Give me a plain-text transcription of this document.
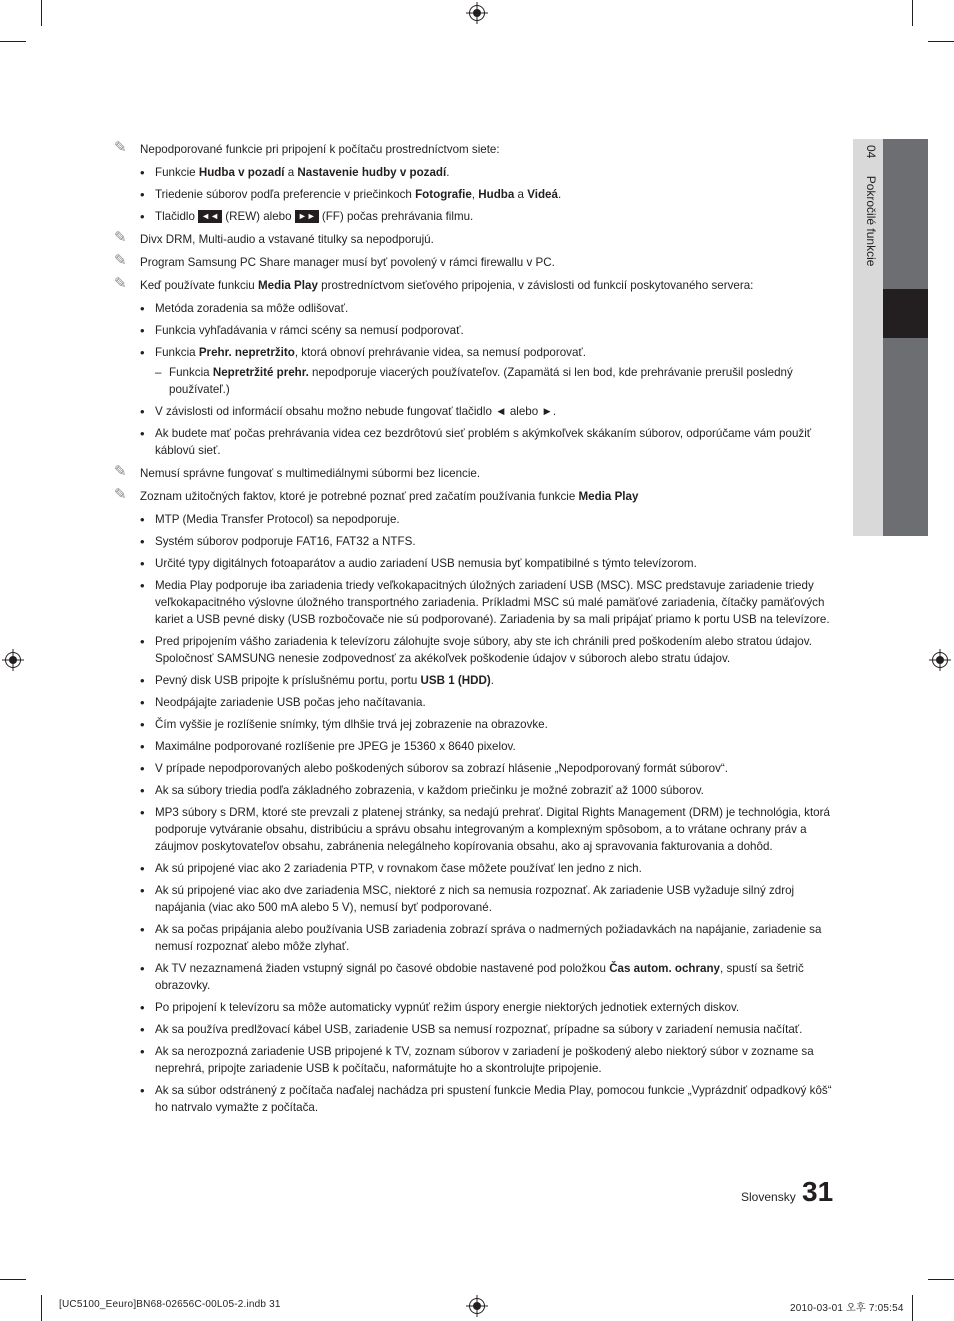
04 Pokročilé funkcie
✎ Nepodporované funkcie pri pripojení k počítaču prostredníctvom siete:
• Funkcie Hudba v pozadí a Nastavenie hudby v pozadí.
• Triedenie súborov podľa preferencie v priečinkoch Fotografie, Hudba a Videá.
• Tlačidlo ◄◄ (REW) alebo ►► (FF) počas prehrávania filmu.
✎ Divx DRM, Multi-audio a vstavané titulky sa nepodporujú.
✎ Program Samsung PC Share manager musí byť povolený v rámci firewallu v PC.
✎ Keď používate funkciu Media Play prostredníctvom sieťového pripojenia, v závislosti od funkcií poskytovaného servera:
• Metóda zoradenia sa môže odlišovať.
• Funkcia vyhľadávania v rámci scény sa nemusí podporovať.
• Funkcia Prehr. nepretržito, ktorá obnoví prehrávanie videa, sa nemusí podporovať.
– Funkcia Nepretržité prehr. nepodporuje viacerých používateľov. (Zapamätá si len bod, kde prehrávanie prerušil posledný používateľ.)
• V závislosti od informácií obsahu možno nebude fungovať tlačidlo ◄ alebo ►.
• Ak budete mať počas prehrávania videa cez bezdrôtovú sieť problém s akýmkoľvek skákaním súborov, odporúčame vám použiť káblovú sieť.
✎ Nemusí správne fungovať s multimediálnymi súbormi bez licencie.
✎ Zoznam užitočných faktov, ktoré je potrebné poznať pred začatím používania funkcie Media Play
• MTP (Media Transfer Protocol) sa nepodporuje.
• Systém súborov podporuje FAT16, FAT32 a NTFS.
• Určité typy digitálnych fotoaparátov a audio zariadení USB nemusia byť kompatibilné s týmto televízorom.
• Media Play podporuje iba zariadenia triedy veľkokapacitných úložných zariadení USB (MSC). MSC predstavuje zariadenie triedy veľkokapacitného výslovne úložného transportného zariadenia. Príkladmi MSC sú malé pamäťové zariadenia, čítačky pamäťových kariet a USB pevné disky (USB rozbočovače nie sú podporované). Zariadenia by sa mali pripájať priamo k portu USB na televízore.
• Pred pripojením vášho zariadenia k televízoru zálohujte svoje súbory, aby ste ich chránili pred poškodením alebo stratou údajov. Spoločnosť SAMSUNG nenesie zodpovednosť za akékoľvek poškodenie údajov v súboroch alebo stratu údajov.
• Pevný disk USB pripojte k príslušnému portu, portu USB 1 (HDD).
• Neodpájajte zariadenie USB počas jeho načítavania.
• Čím vyššie je rozlíšenie snímky, tým dlhšie trvá jej zobrazenie na obrazovke.
• Maximálne podporované rozlíšenie pre JPEG je 15360 x 8640 pixelov.
• V prípade nepodporovaných alebo poškodených súborov sa zobrazí hlásenie „Nepodporovaný formát súborov“.
• Ak sa súbory triedia podľa základného zobrazenia, v každom priečinku je možné zobraziť až 1000 súborov.
• MP3 súbory s DRM, ktoré ste prevzali z platenej stránky, sa nedajú prehrať. Digital Rights Management (DRM) je technológia, ktorá podporuje vytváranie obsahu, distribúciu a správu obsahu integrovaným a komplexným spôsobom, a to vrátane ochrany práv a záujmov poskytovateľov obsahu, zabránenia nelegálneho kopírovania obsahu, ako aj spravovania fakturovania a dohôd.
• Ak sú pripojené viac ako 2 zariadenia PTP, v rovnakom čase môžete používať len jedno z nich.
• Ak sú pripojené viac ako dve zariadenia MSC, niektoré z nich sa nemusia rozpoznať. Ak zariadenie USB vyžaduje silný zdroj napájania (viac ako 500 mA alebo 5 V), nemusí byť podporované.
• Ak sa počas pripájania alebo používania USB zariadenia zobrazí správa o nadmerných požiadavkách na napájanie, zariadenie sa nemusí rozpoznať alebo môže zlyhať.
• Ak TV nezaznamená žiaden vstupný signál po časové obdobie nastavené pod položkou Čas autom. ochrany, spustí sa šetrič obrazovky.
• Po pripojení k televízoru sa môže automaticky vypnúť režim úspory energie niektorých jednotiek externých diskov.
• Ak sa používa predlžovací kábel USB, zariadenie USB sa nemusí rozpoznať, prípadne sa súbory v zariadení nemusia načítať.
• Ak sa nerozpozná zariadenie USB pripojené k TV, zoznam súborov v zariadení je poškodený alebo niektorý súbor v zozname sa neprehrá, pripojte zariadenie USB k počítaču, naformátujte ho a skontrolujte pripojenie.
• Ak sa súbor odstránený z počítača naďalej nachádza pri spustení funkcie Media Play, pomocou funkcie „Vyprázdniť odpadkový kôš“ ho natrvalo vymažte z počítača.
Slovensky 31
[UC5100_Eeuro]BN68-02656C-00L05-2.indb 31	2010-03-01 오후 7:05:54
